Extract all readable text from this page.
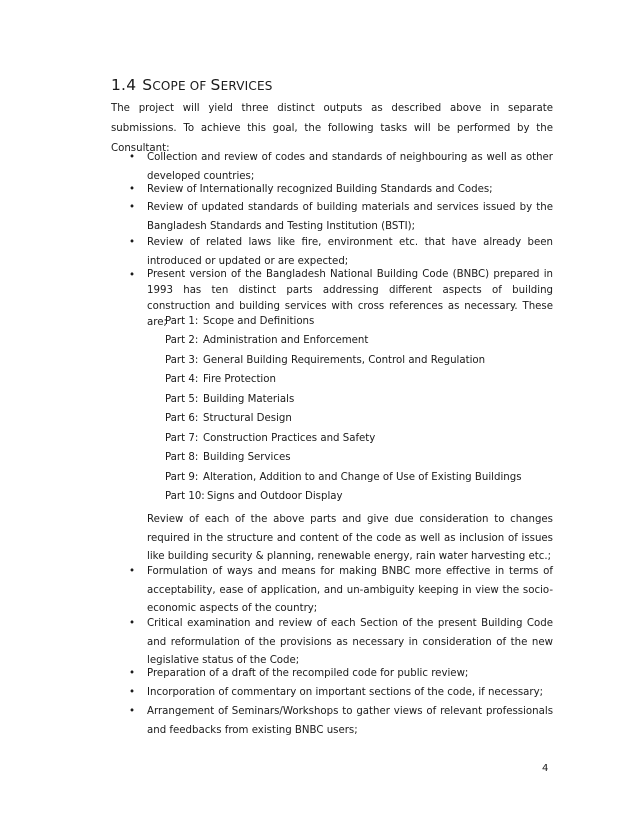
1.4 SCOPE OF SERVICES
The project will yield three distinct outputs as described above in separate submissions. To achieve this goal, the following tasks will be performed by the Consultant:
• Collection and review of codes and standards of neighbouring as well as other developed countries;
• Review of Internationally recognized Building Standards and Codes;
• Review of updated standards of building materials and services issued by the Bangladesh Standards and Testing Institution (BSTI);
• Review of related laws like fire, environment etc. that have already been introduced or updated or are expected;
• Present version of the Bangladesh National Building Code (BNBC) prepared in 1993 has ten distinct parts addressing different aspects of building construction and building services with cross references as necessary. These are;
Part 1: Scope and Definitions
Part 2: Administration and Enforcement
Part 3: General Building Requirements, Control and Regulation
Part 4: Fire Protection
Part 5: Building Materials
Part 6: Structural Design
Part 7: Construction Practices and Safety
Part 8: Building Services
Part 9: Alteration, Addition to and Change of Use of Existing Buildings
Part 10: Signs and Outdoor Display
Review of each of the above parts and give due consideration to changes required in the structure and content of the code as well as inclusion of issues like building security & planning, renewable energy, rain water harvesting etc.;
• Formulation of ways and means for making BNBC more effective in terms of acceptability, ease of application, and un-ambiguity keeping in view the socio-economic aspects of the country;
• Critical examination and review of each Section of the present Building Code and reformulation of the provisions as necessary in consideration of the new legislative status of the Code;
• Preparation of a draft of the recompiled code for public review;
• Incorporation of commentary on important sections of the code, if necessary;
• Arrangement of Seminars/Workshops to gather views of relevant professionals and feedbacks from existing BNBC users;
4
